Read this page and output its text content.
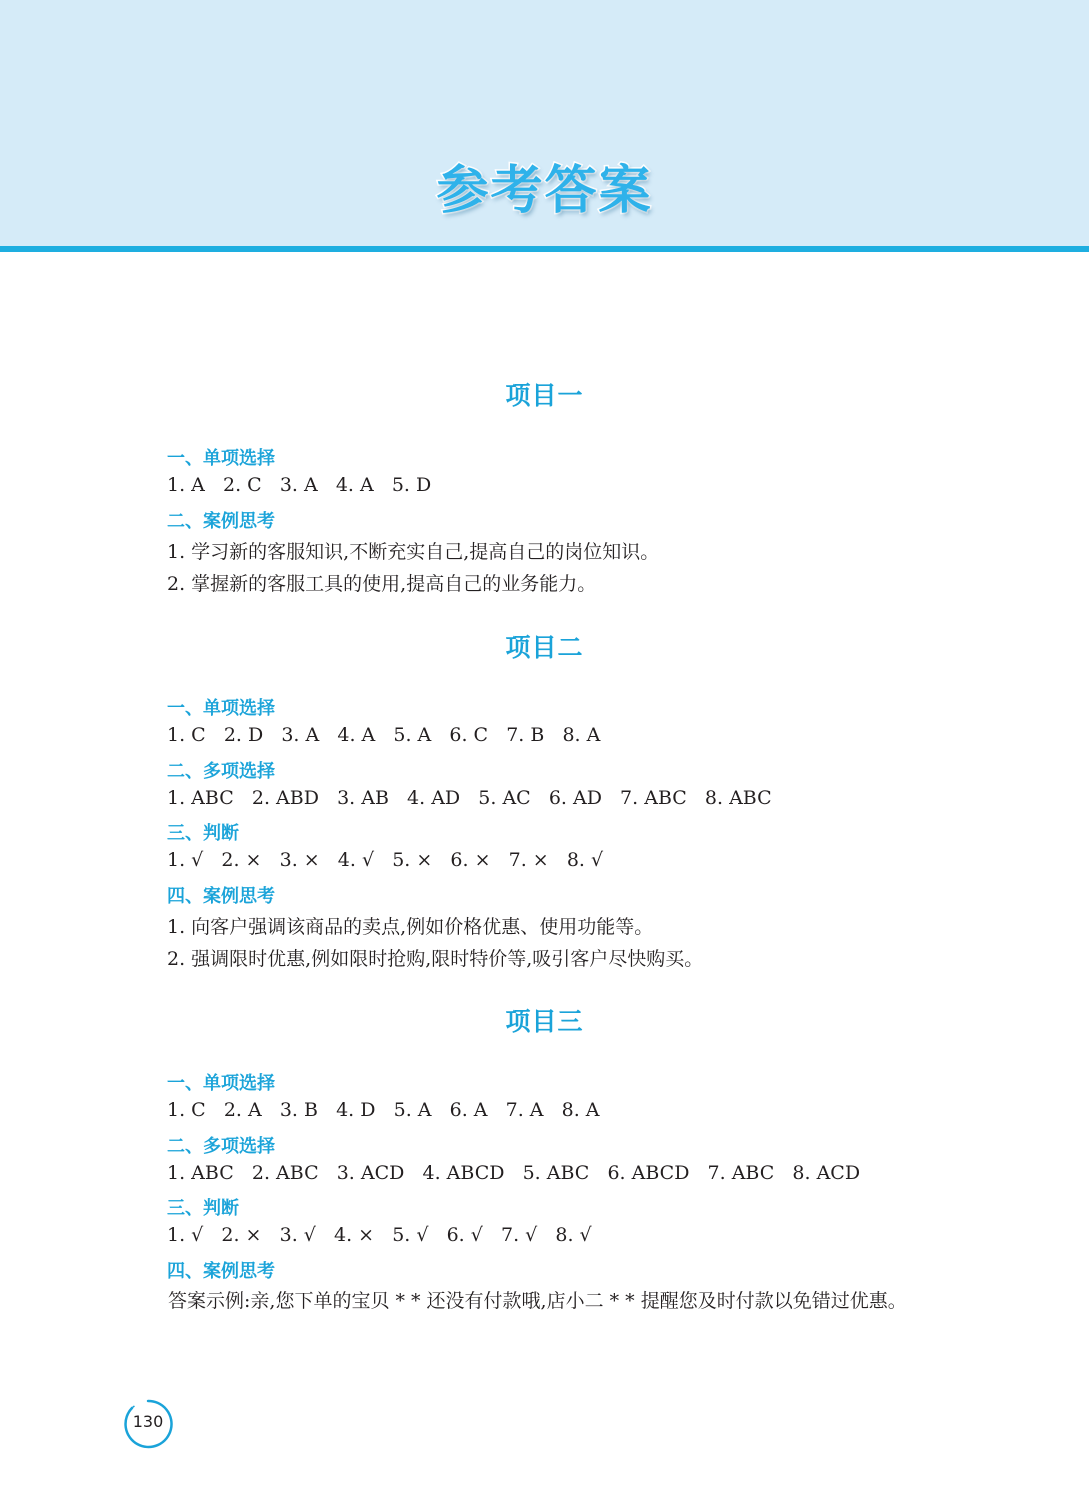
参考答案
项目一
一、单项选择
1. A   2. C   3. A   4. A   5. D
二、案例思考
1. 学习新的客服知识,不断充实自己,提高自己的岗位知识。
2. 掌握新的客服工具的使用,提高自己的业务能力。
项目二
一、单项选择
1. C   2. D   3. A   4. A   5. A   6. C   7. B   8. A
二、多项选择
1. ABC   2. ABD   3. AB   4. AD   5. AC   6. AD   7. ABC   8. ABC
三、判断
1. √   2. ×   3. ×   4. √   5. ×   6. ×   7. ×   8. √
四、案例思考
1. 向客户强调该商品的卖点,例如价格优惠、使用功能等。
2. 强调限时优惠,例如限时抢购,限时特价等,吸引客户尽快购买。
项目三
一、单项选择
1. C   2. A   3. B   4. D   5. A   6. A   7. A   8. A
二、多项选择
1. ABC   2. ABC   3. ACD   4. ABCD   5. ABC   6. ABCD   7. ABC   8. ACD
三、判断
1. √   2. ×   3. √   4. ×   5. √   6. √   7. √   8. √
四、案例思考
答案示例:亲,您下单的宝贝 * * 还没有付款哦,店小二 * * 提醒您及时付款以免错过优惠。
130
